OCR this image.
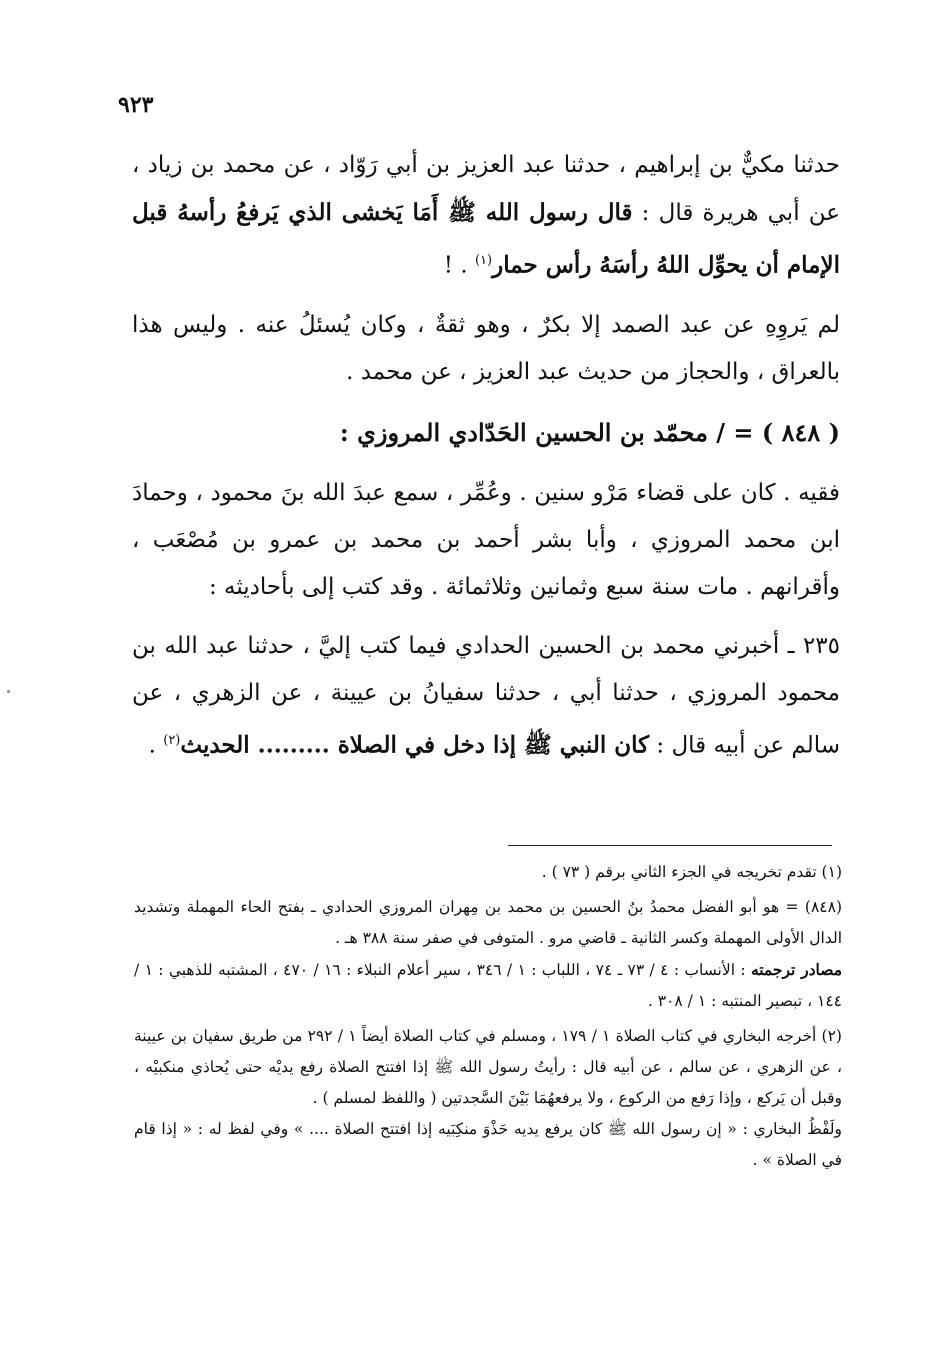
٩٢٣

حدثنا مكيٌّ بن إبراهيم ، حدثنا عبد العزيز بن أبي رَوّاد ، عن محمد بن زياد ، عن أبي هريرة قال : قال رسول الله ﷺ أَمَا يَخشى الذي يَرفعُ رأسهُ قبل الإمام أن يحوِّل اللهُ رأسَهُ رأس حمار$^{(١)}$ . !

لم يَروِهِ عن عبد الصمد إلا بكرٌ ، وهو ثقةٌ ، وكان يُسئلُ عنه . وليس هذا بالعراق ، والحجاز من حديث عبد العزيز ، عن محمد .

( ٨٤٨ ) = / محمّد بن الحسين الحَدّادي المروزي :

فقيه . كان على قضاء مَرْو سنين . وعُمِّر ، سمع عبدَ الله بنَ محمود ، وحمادَ ابن محمد المروزي ، وأبا بشر أحمد بن محمد بن عمرو بن مُصْعَب ، وأقرانهم . مات سنة سبع وثمانين وثلاثمائة . وقد كتب إلى بأحاديثه :

٢٣٥ ـ أخبرني محمد بن الحسين الحدادي فيما كتب إليَّ ، حدثنا عبد الله بن محمود المروزي ، حدثنا أبي ، حدثنا سفيانُ بن عيينة ، عن الزهري ، عن سالم عن أبيه قال : كان النبي ﷺ إذا دخل في الصلاة ......... الحديث$^{(٢)}$ .

(١) تقدم تخريجه في الجزء الثاني برقم ( ٧٣ ) .

(٨٤٨) = هو أبو الفضل محمدُ بنُ الحسين بن محمد بن مِهران المروزي الحدادي ـ بفتح الحاء المهملة وتشديد الدال الأولى المهملة وكسر الثانية ـ قاضي مرو . المتوفى في صفر سنة ٣٨٨ هـ .

مصادر ترجمته : الأنساب : ٤ / ٧٣ ـ ٧٤ ، اللباب : ١ / ٣٤٦ ، سير أعلام النبلاء : ١٦ / ٤٧٠ ، المشتبه للذهبي : ١ / ١٤٤ ، تبصير المنتبه : ١ / ٣٠٨ .

(٢) أخرجه البخاري في كتاب الصلاة ١ / ١٧٩ ، ومسلم في كتاب الصلاة أيضاً ١ / ٢٩٢ من طريق سفيان بن عيينة ، عن الزهري ، عن سالم ، عن أبيه قال : رأيتُ رسول الله ﷺ إذا افتتح الصلاة رفع يديْه حتى يُحاذي منكبيْه ، وقبل أن يَركع ، وإذا رَفع من الركوع ، ولا يرفعهُمَا بَيْنَ السَّجدتين ( واللفظ لمسلم ) .

ولَفْظُ البخاري : « إن رسول الله ﷺ كان يرفع يديه حَذْوَ منكِبَيه إذا افتتح الصلاة .... » وفي لفظ له : « إذا قام في الصلاة » .
